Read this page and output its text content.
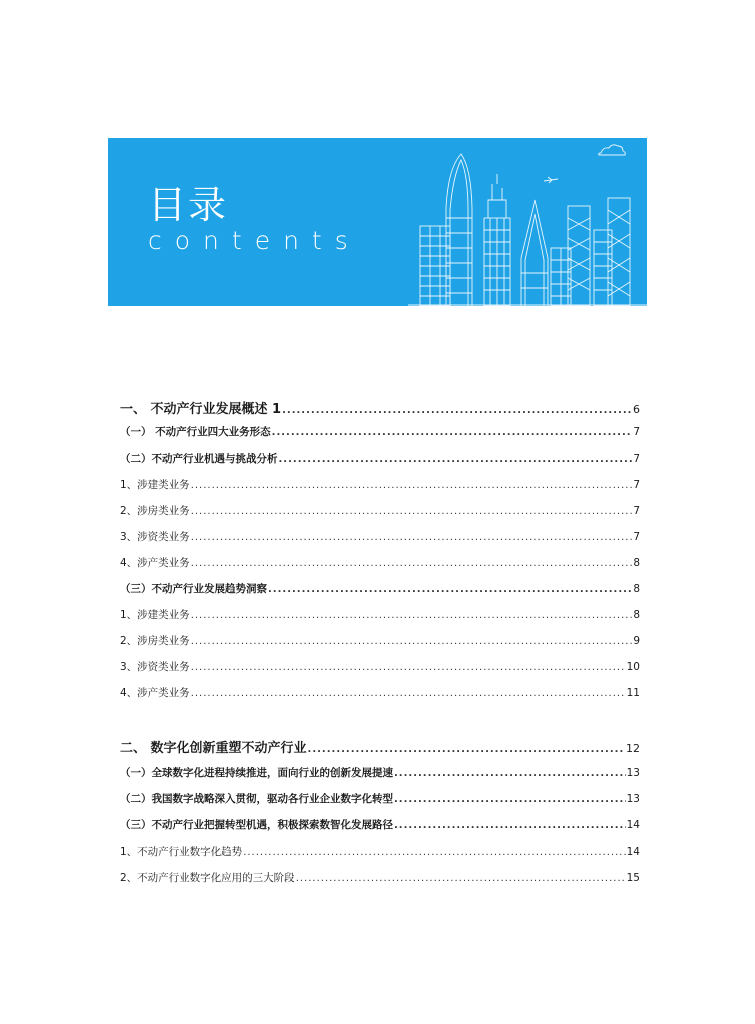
目录
contents
一、 不动产行业发展概述 1 .....	6
（一） 不动产行业四大业务形态 .....	7
（二）不动产行业机遇与挑战分析 .....	7
1、涉建类业务 .....	7
2、涉房类业务 .....	7
3、涉资类业务 .....	7
4、涉产类业务 .....	8
（三）不动产行业发展趋势洞察 .....	8
1、涉建类业务 .....	8
2、涉房类业务 .....	9
3、涉资类业务 .....	10
4、涉产类业务 .....	11
二、 数字化创新重塑不动产行业 .....	12
（一）全球数字化进程持续推进，面向行业的创新发展提速 .....	13
（二）我国数字战略深入贯彻，驱动各行业企业数字化转型 .....	13
（三）不动产行业把握转型机遇，积极探索数智化发展路径 .....	14
1、不动产行业数字化趋势 .....	14
2、不动产行业数字化应用的三大阶段 .....	15
